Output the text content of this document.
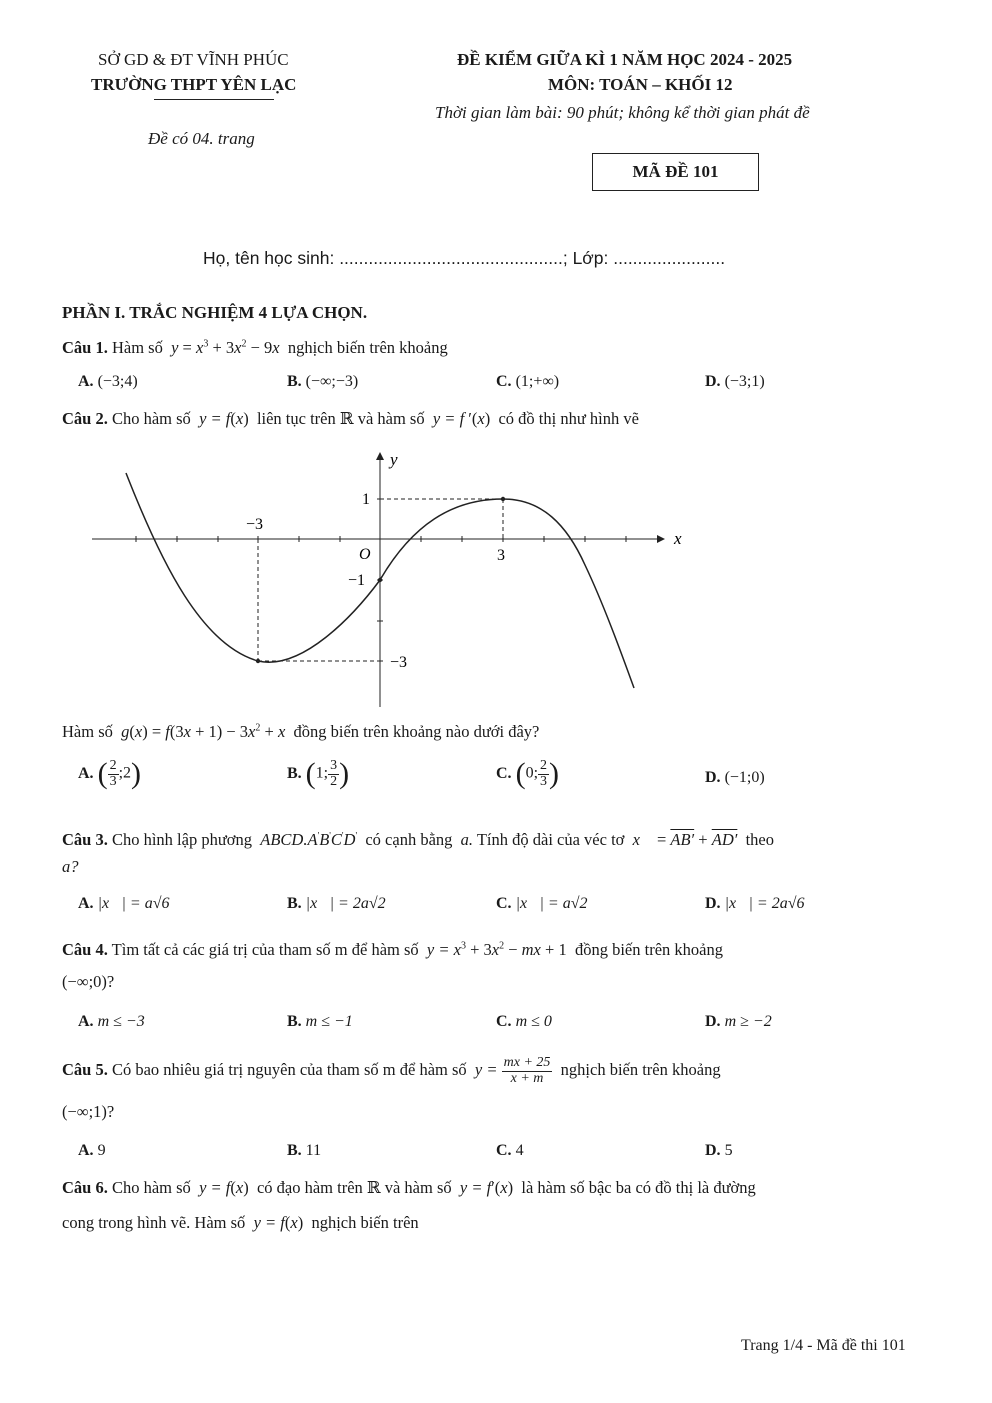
SỞ GD & ĐT VĨNH PHÚC
TRƯỜNG THPT YÊN LẠC
Đề có 04. trang
ĐỀ KIỂM GIỮA KÌ 1 NĂM HỌC 2024 - 2025
MÔN: TOÁN – KHỐI 12
Thời gian làm bài: 90 phút; không kể thời gian phát đề
MÃ ĐỀ 101
Họ, tên học sinh: ..............................................; Lớp: .......................
PHẦN I. TRẮC NGHIỆM 4 LỰA CHỌN.
Câu 1. Hàm số  $y = x^3 + 3x^2 - 9x$  nghịch biến trên khoảng
A. (−3;4)	B. (−∞;−3)	C. (1;+∞)	D. (−3;1)
Câu 2. Cho hàm số  y = f(x)  liên tục trên ℝ và hàm số  y = f ′(x)  có đồ thị như hình vẽ
y
x
O
−3
3
1
−1
−3
Hàm số  $g(x) = f(3x + 1) - 3x^2 + x$  đồng biến trên khoảng nào dưới đây?
A. ( $\frac{2}{3}$ ;2)	B. (1; $\frac{3}{2}$ )	C. (0; $\frac{2}{3}$ )	D. (−1;0)
Câu 3. Cho hình lập phương  ABCD.A'B'C'D' có cạnh bằng  a. Tính độ dài của véc tơ  x⃗ = AB′ + AD′ theo
a?
A. |x⃗| = a√6	B. |x⃗| = 2a√2	C. |x⃗| = a√2	D. |x⃗| = 2a√6
Câu 4. Tìm tất cả các giá trị của tham số m để hàm số  $y = x^3 + 3x^2$ − mx + 1  đồng biến trên khoảng
(−∞;0)?
A. m ≤ −3	B. m ≤ −1	C. m ≤ 0	D. m ≥ −2
Câu 5. Có bao nhiêu giá trị nguyên của tham số m để hàm số  $y = \frac{mx + 25}{x + m}$ nghịch biến trên khoảng
(−∞;1)?
A. 9	B. 11	C. 4	D. 5
Câu 6. Cho hàm số  y = f(x)  có đạo hàm trên ℝ và hàm số  y = f′(x)  là hàm số bậc ba có đồ thị là đường
cong trong hình vẽ. Hàm số  y = f(x)  nghịch biến trên
Trang 1/4 - Mã đề thi 101
